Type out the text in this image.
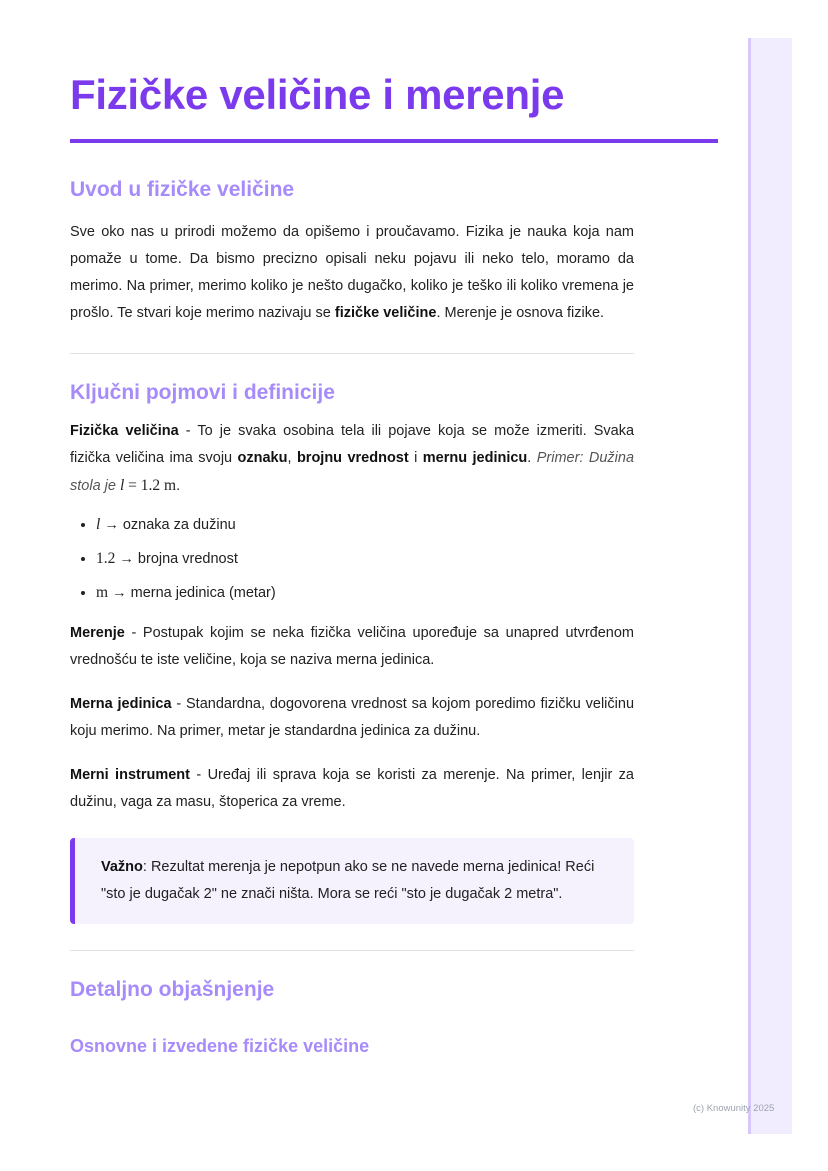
Fizičke veličine i merenje
Uvod u fizičke veličine

Sve oko nas u prirodi možemo da opišemo i proučavamo. Fizika je nauka koja nam pomaže u tome. Da bismo precizno opisali neku pojavu ili neko telo, moramo da merimo. Na primer, merimo koliko je nešto dugačko, koliko je teško ili koliko vremena je prošlo. Te stvari koje merimo nazivaju se fizičke veličine. Merenje je osnova fizike.

Ključni pojmovi i definicije

Fizička veličina - To je svaka osobina tela ili pojave koja se može izmeriti. Svaka fizička veličina ima svoju oznaku, brojnu vrednost i mernu jedinicu. Primer: Dužina stola je l = 1.2 m.

• l → oznaka za dužinu
• 1.2 → brojna vrednost
• m → merna jedinica (metar)

Merenje - Postupak kojim se neka fizička veličina upoređuje sa unapred utvrđenom vrednošću te iste veličine, koja se naziva merna jedinica.

Merna jedinica - Standardna, dogovorena vrednost sa kojom poredimo fizičku veličinu koju merimo. Na primer, metar je standardna jedinica za dužinu.

Merni instrument - Uređaj ili sprava koja se koristi za merenje. Na primer, lenjir za dužinu, vaga za masu, štoperica za vreme.

Važno: Rezultat merenja je nepotpun ako se ne navede merna jedinica! Reći "sto je dugačak 2" ne znači ništa. Mora se reći "sto je dugačak 2 metra".

Detaljno objašnjenje
Osnovne i izvedene fizičke veličine
(c) Knowunity 2025
